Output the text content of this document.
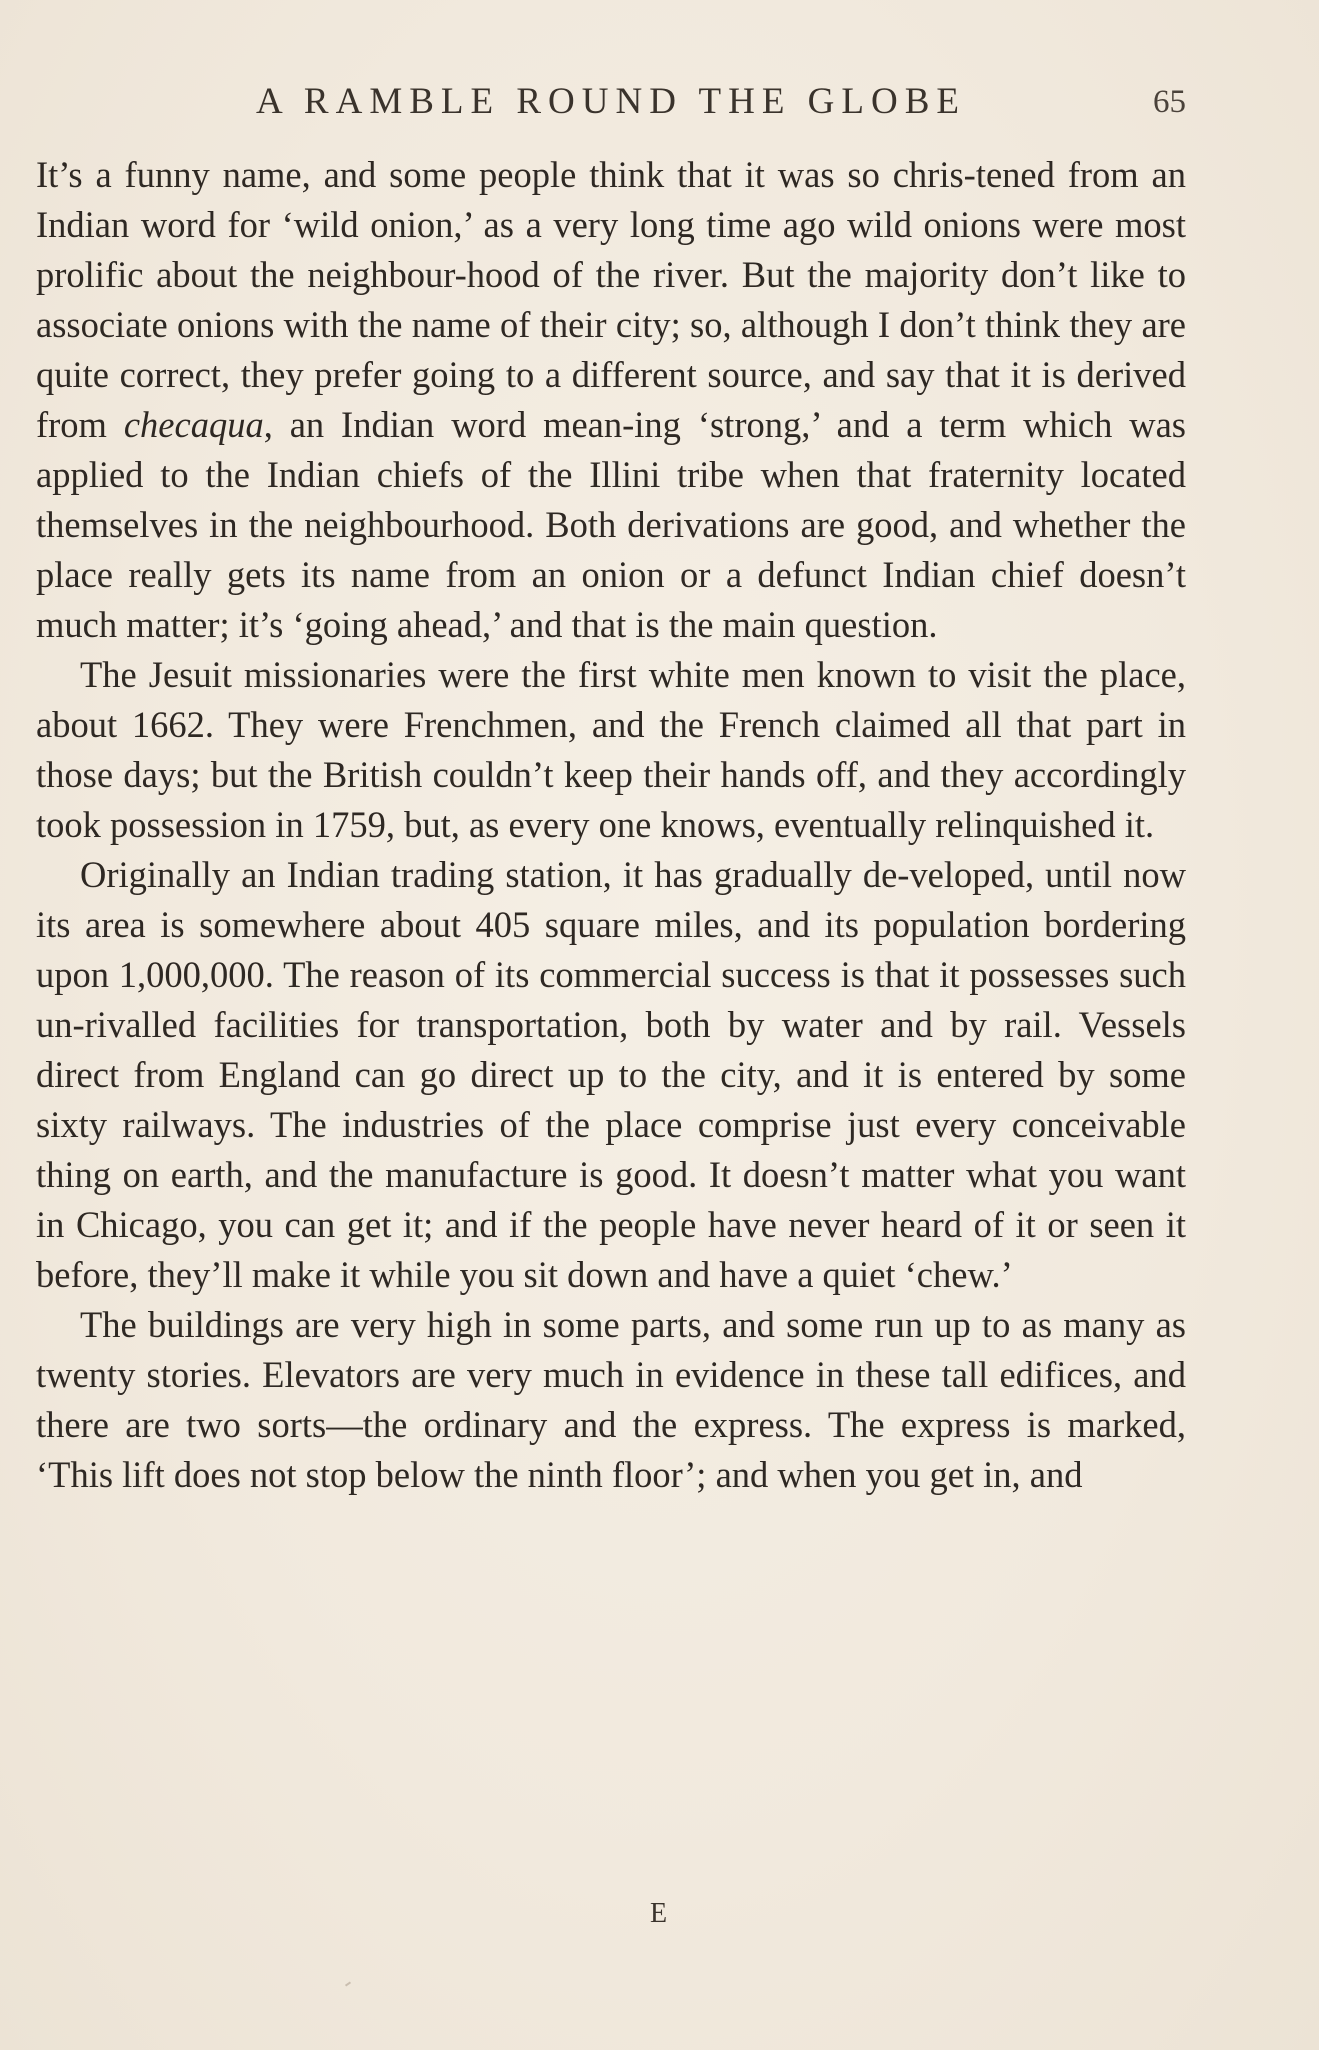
A RAMBLE ROUND THE GLOBE	65

It’s a funny name, and some people think that it was so chris-tened from an Indian word for ‘wild onion,’ as a very long time ago wild onions were most prolific about the neighbour-hood of the river. But the majority don’t like to associate onions with the name of their city; so, although I don’t think they are quite correct, they prefer going to a different source, and say that it is derived from checaqua, an Indian word mean-ing ‘strong,’ and a term which was applied to the Indian chiefs of the Illini tribe when that fraternity located themselves in the neighbourhood. Both derivations are good, and whether the place really gets its name from an onion or a defunct Indian chief doesn’t much matter; it’s ‘going ahead,’ and that is the main question.

The Jesuit missionaries were the first white men known to visit the place, about 1662. They were Frenchmen, and the French claimed all that part in those days; but the British couldn’t keep their hands off, and they accordingly took possession in 1759, but, as every one knows, eventually relinquished it.

Originally an Indian trading station, it has gradually de-veloped, until now its area is somewhere about 405 square miles, and its population bordering upon 1,000,000. The reason of its commercial success is that it possesses such un-rivalled facilities for transportation, both by water and by rail. Vessels direct from England can go direct up to the city, and it is entered by some sixty railways. The industries of the place comprise just every conceivable thing on earth, and the manufacture is good. It doesn’t matter what you want in Chicago, you can get it; and if the people have never heard of it or seen it before, they’ll make it while you sit down and have a quiet ‘chew.’

The buildings are very high in some parts, and some run up to as many as twenty stories. Elevators are very much in evidence in these tall edifices, and there are two sorts—the ordinary and the express. The express is marked, ‘This lift does not stop below the ninth floor’; and when you get in, and

E
